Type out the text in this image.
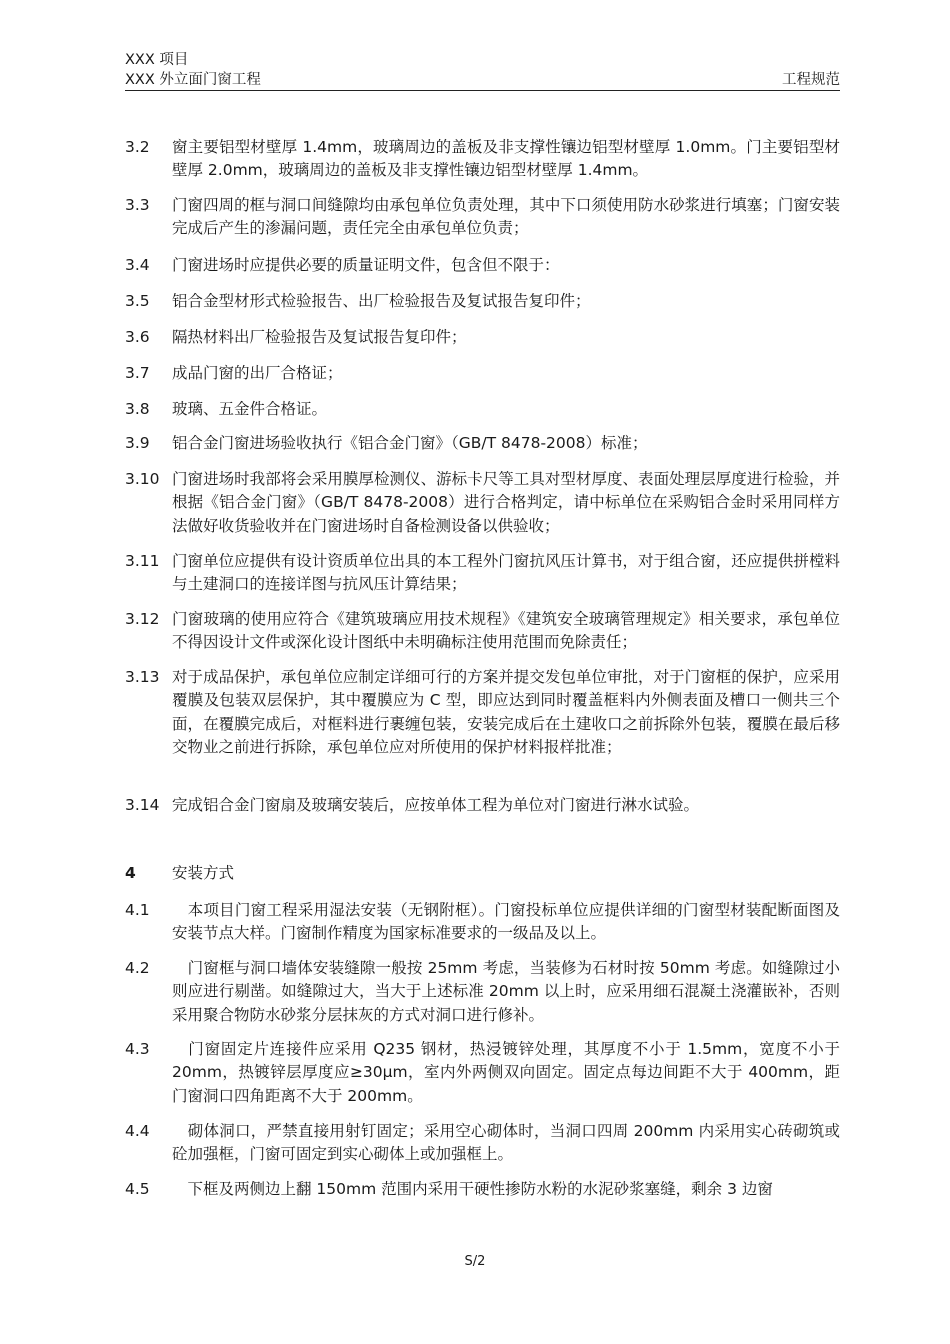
XXX 项目
XXX 外立面门窗工程	工程规范
3.2 窗主要铝型材壁厚 1.4mm，玻璃周边的盖板及非支撑性镶边铝型材壁厚 1.0mm。门主要铝型材壁厚 2.0mm，玻璃周边的盖板及非支撑性镶边铝型材壁厚 1.4mm。
3.3 门窗四周的框与洞口间缝隙均由承包单位负责处理，其中下口须使用防水砂浆进行填塞；门窗安装完成后产生的渗漏问题，责任完全由承包单位负责；
3.4 门窗进场时应提供必要的质量证明文件，包含但不限于：
3.5 铝合金型材形式检验报告、出厂检验报告及复试报告复印件；
3.6 隔热材料出厂检验报告及复试报告复印件；
3.7 成品门窗的出厂合格证；
3.8 玻璃、五金件合格证。
3.9 铝合金门窗进场验收执行《铝合金门窗》（GB/T 8478-2008）标准；
3.10 门窗进场时我部将会采用膜厚检测仪、游标卡尺等工具对型材厚度、表面处理层厚度进行检验，并根据《铝合金门窗》（GB/T 8478-2008）进行合格判定，请中标单位在采购铝合金时采用同样方法做好收货验收并在门窗进场时自备检测设备以供验收；
3.11 门窗单位应提供有设计资质单位出具的本工程外门窗抗风压计算书，对于组合窗，还应提供拼樘料与土建洞口的连接详图与抗风压计算结果；
3.12 门窗玻璃的使用应符合《建筑玻璃应用技术规程》《建筑安全玻璃管理规定》相关要求，承包单位不得因设计文件或深化设计图纸中未明确标注使用范围而免除责任；
3.13 对于成品保护，承包单位应制定详细可行的方案并提交发包单位审批，对于门窗框的保护，应采用覆膜及包装双层保护，其中覆膜应为 C 型，即应达到同时覆盖框料内外侧表面及槽口一侧共三个面，在覆膜完成后，对框料进行裹缠包装，安装完成后在土建收口之前拆除外包装，覆膜在最后移交物业之前进行拆除，承包单位应对所使用的保护材料报样批准；
3.14 完成铝合金门窗扇及玻璃安装后，应按单体工程为单位对门窗进行淋水试验。
4 安装方式
4.1 　本项目门窗工程采用湿法安装（无钢附框）。门窗投标单位应提供详细的门窗型材装配断面图及安装节点大样。门窗制作精度为国家标准要求的一级品及以上。
4.2 　门窗框与洞口墙体安装缝隙一般按 25mm 考虑，当装修为石材时按 50mm 考虑。如缝隙过小则应进行剔凿。如缝隙过大，当大于上述标准 20mm 以上时，应采用细石混凝土浇灌嵌补，否则采用聚合物防水砂浆分层抹灰的方式对洞口进行修补。
4.3 　门窗固定片连接件应采用 Q235 钢材，热浸镀锌处理，其厚度不小于 1.5mm，宽度不小于 20mm，热镀锌层厚度应≥30μm，室内外两侧双向固定。固定点每边间距不大于 400mm，距门窗洞口四角距离不大于 200mm。
4.4 　砌体洞口，严禁直接用射钉固定；采用空心砌体时，当洞口四周 200mm 内采用实心砖砌筑或砼加强框，门窗可固定到实心砌体上或加强框上。
4.5 　下框及两侧边上翻 150mm 范围内采用干硬性掺防水粉的水泥砂浆塞缝，剩余 3 边窗
S/2
